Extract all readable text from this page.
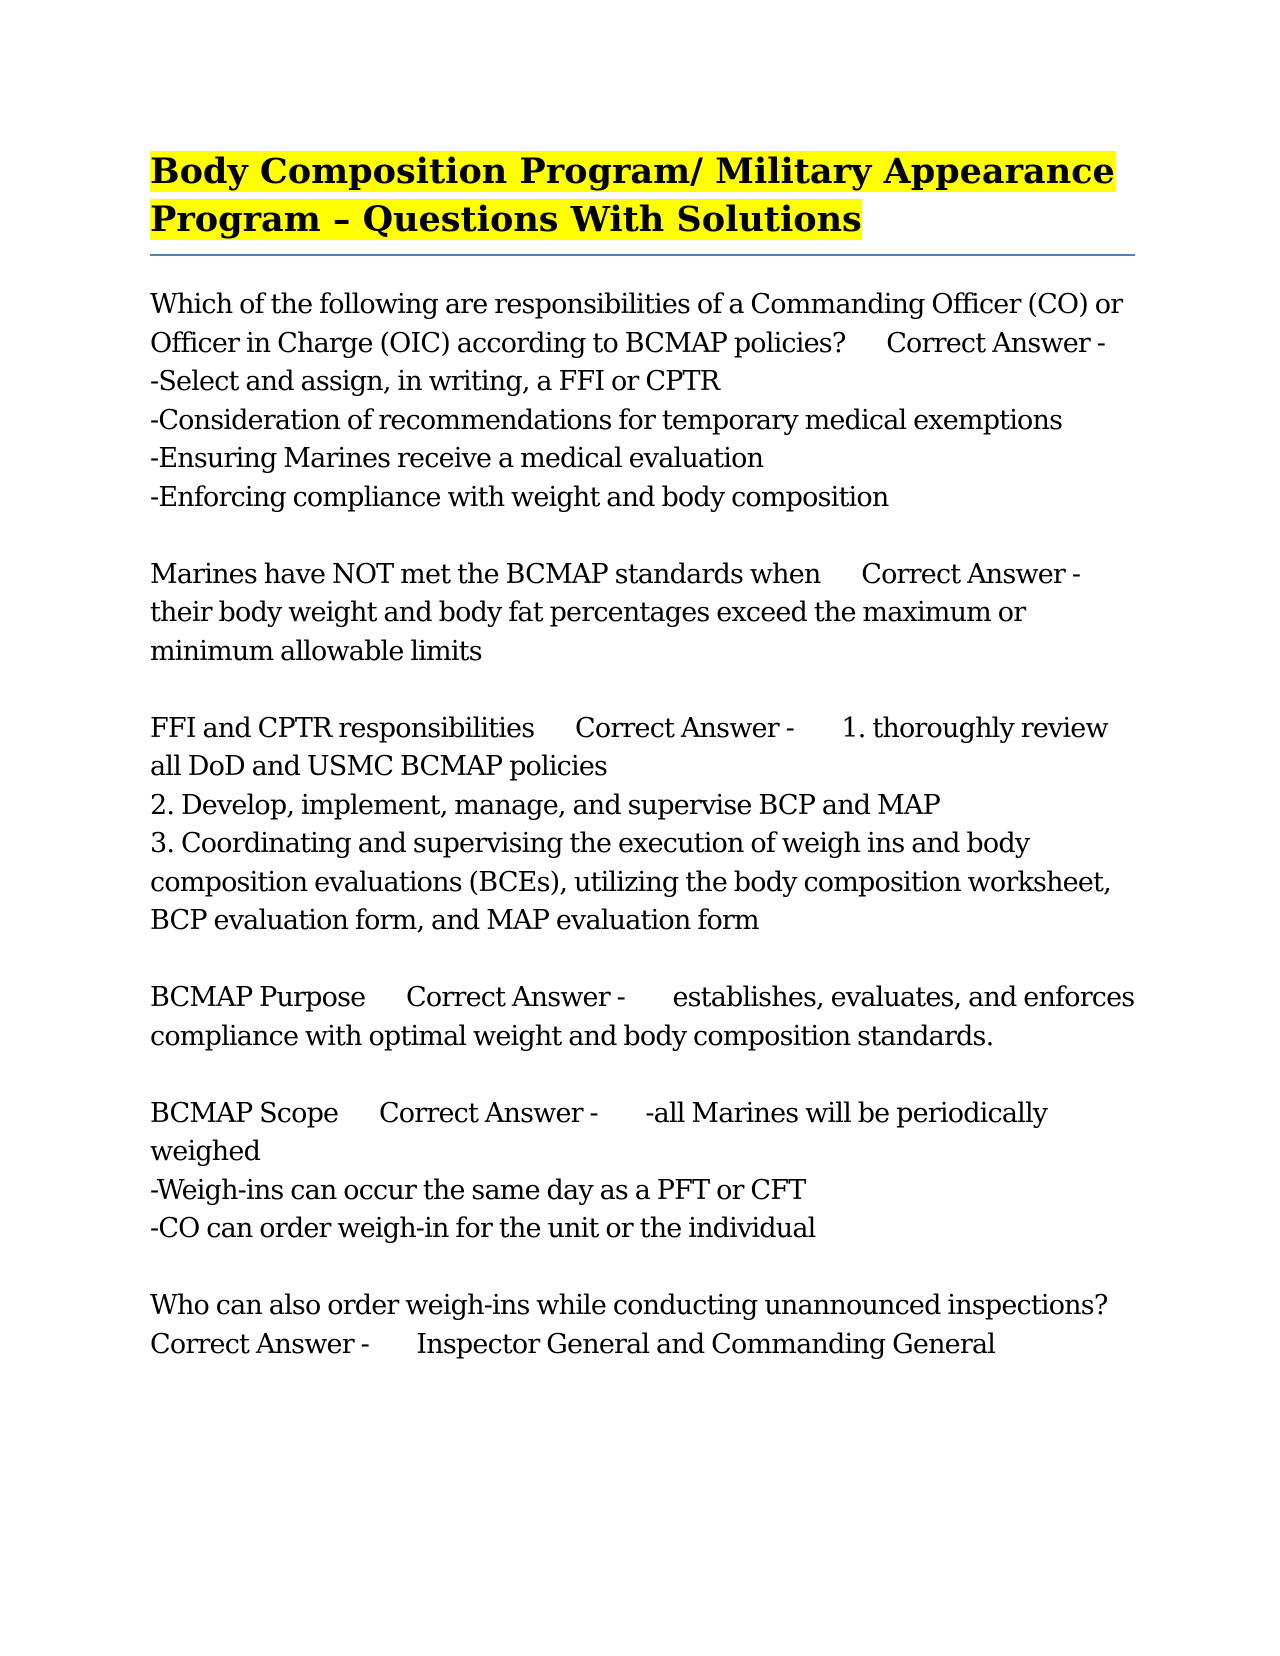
Body Composition Program/ Military Appearance
Program – Questions With Solutions

Which of the following are responsibilities of a Commanding Officer (CO) or Officer in Charge (OIC) according to BCMAP policies? Correct Answer -       -Select and assign, in writing, a FFI or CPTR
-Consideration of recommendations for temporary medical exemptions
-Ensuring Marines receive a medical evaluation
-Enforcing compliance with weight and body composition

Marines have NOT met the BCMAP standards when Correct Answer -       their body weight and body fat percentages exceed the maximum or minimum allowable limits

FFI and CPTR responsibilities Correct Answer - 1. thoroughly review all DoD and USMC BCMAP policies
2. Develop, implement, manage, and supervise BCP and MAP
3. Coordinating and supervising the execution of weigh ins and body composition evaluations (BCEs), utilizing the body composition worksheet, BCP evaluation form, and MAP evaluation form

BCMAP Purpose Correct Answer - establishes, evaluates, and enforces compliance with optimal weight and body composition standards.

BCMAP Scope Correct Answer - -all Marines will be periodically weighed
-Weigh-ins can occur the same day as a PFT or CFT
-CO can order weigh-in for the unit or the individual

Who can also order weigh-ins while conducting unannounced inspections?      Correct Answer - Inspector General and Commanding General
